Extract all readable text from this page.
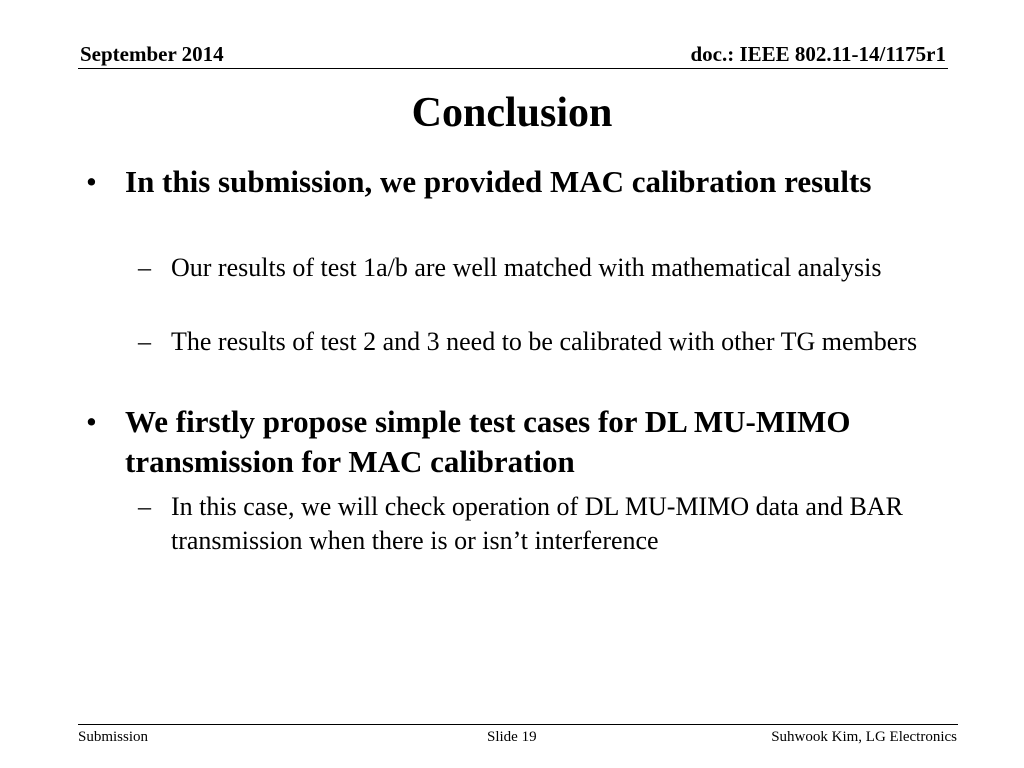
September 2014	doc.: IEEE 802.11-14/1175r1
Conclusion
• In this submission, we provided MAC calibration results
– Our results of test 1a/b are well matched with mathematical analysis
– The results of test 2 and 3 need to be calibrated with other TG members
• We firstly propose simple test cases for DL MU-MIMO transmission for MAC calibration
– In this case, we will check operation of DL MU-MIMO data and BAR transmission when there is or isn’t interference
Submission	Slide 19	Suhwook Kim, LG Electronics
